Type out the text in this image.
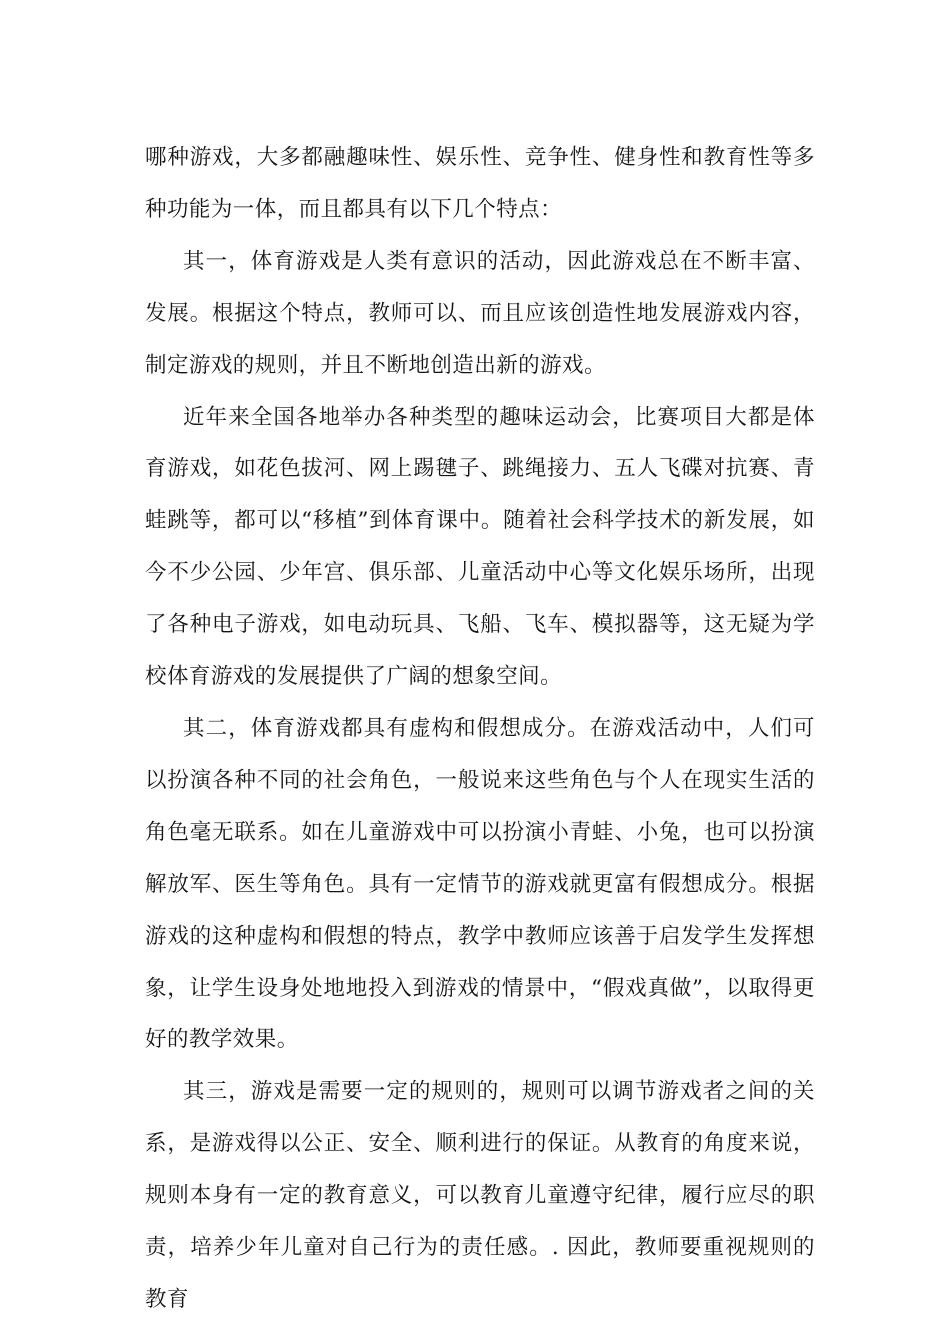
哪种游戏，大多都融趣味性、娱乐性、竞争性、健身性和教育性等多种功能为一体，而且都具有以下几个特点：

其一，体育游戏是人类有意识的活动，因此游戏总在不断丰富、发展。根据这个特点，教师可以、而且应该创造性地发展游戏内容，制定游戏的规则，并且不断地创造出新的游戏。

近年来全国各地举办各种类型的趣味运动会，比赛项目大都是体育游戏，如花色拔河、网上踢毽子、跳绳接力、五人飞碟对抗赛、青蛙跳等，都可以“移植”到体育课中。随着社会科学技术的新发展，如今不少公园、少年宫、俱乐部、儿童活动中心等文化娱乐场所，出现了各种电子游戏，如电动玩具、飞船、飞车、模拟器等，这无疑为学校体育游戏的发展提供了广阔的想象空间。

其二，体育游戏都具有虚构和假想成分。在游戏活动中，人们可以扮演各种不同的社会角色，一般说来这些角色与个人在现实生活的角色毫无联系。如在儿童游戏中可以扮演小青蛙、小兔，也可以扮演解放军、医生等角色。具有一定情节的游戏就更富有假想成分。根据游戏的这种虚构和假想的特点，教学中教师应该善于启发学生发挥想象，让学生设身处地地投入到游戏的情景中，“假戏真做”，以取得更好的教学效果。

其三，游戏是需要一定的规则的，规则可以调节游戏者之间的关系，是游戏得以公正、安全、顺利进行的保证。从教育的角度来说，规则本身有一定的教育意义，可以教育儿童遵守纪律，履行应尽的职责，培养少年儿童对自己行为的责任感。. 因此，教师要重视规则的教育
